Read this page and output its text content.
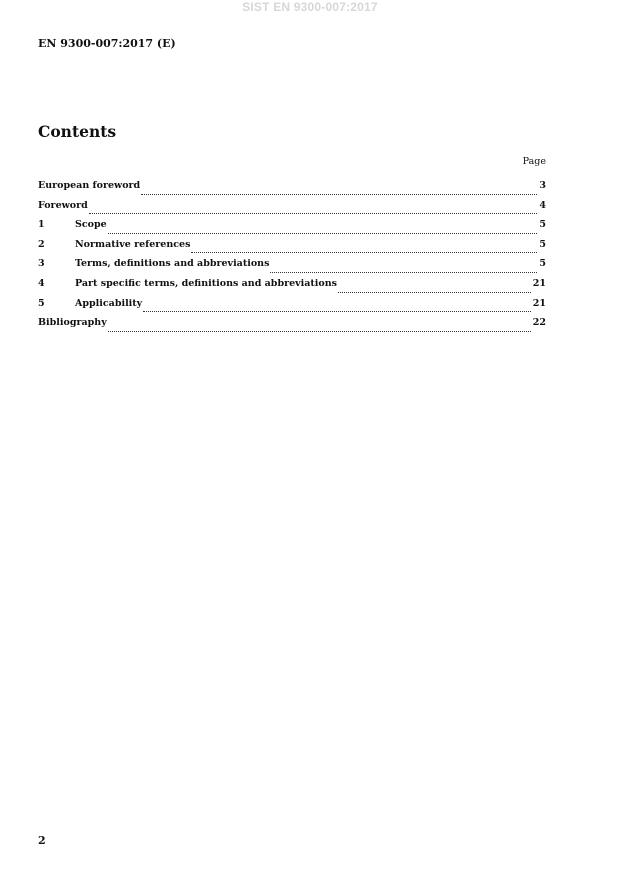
SIST EN 9300-007:2017
EN 9300-007:2017 (E)
Contents
Page
European foreword	3
Foreword	4
1	Scope	5
2	Normative references	5
3	Terms, definitions and abbreviations	5
4	Part specific terms, definitions and abbreviations	21
5	Applicability	21
Bibliography	22
2
